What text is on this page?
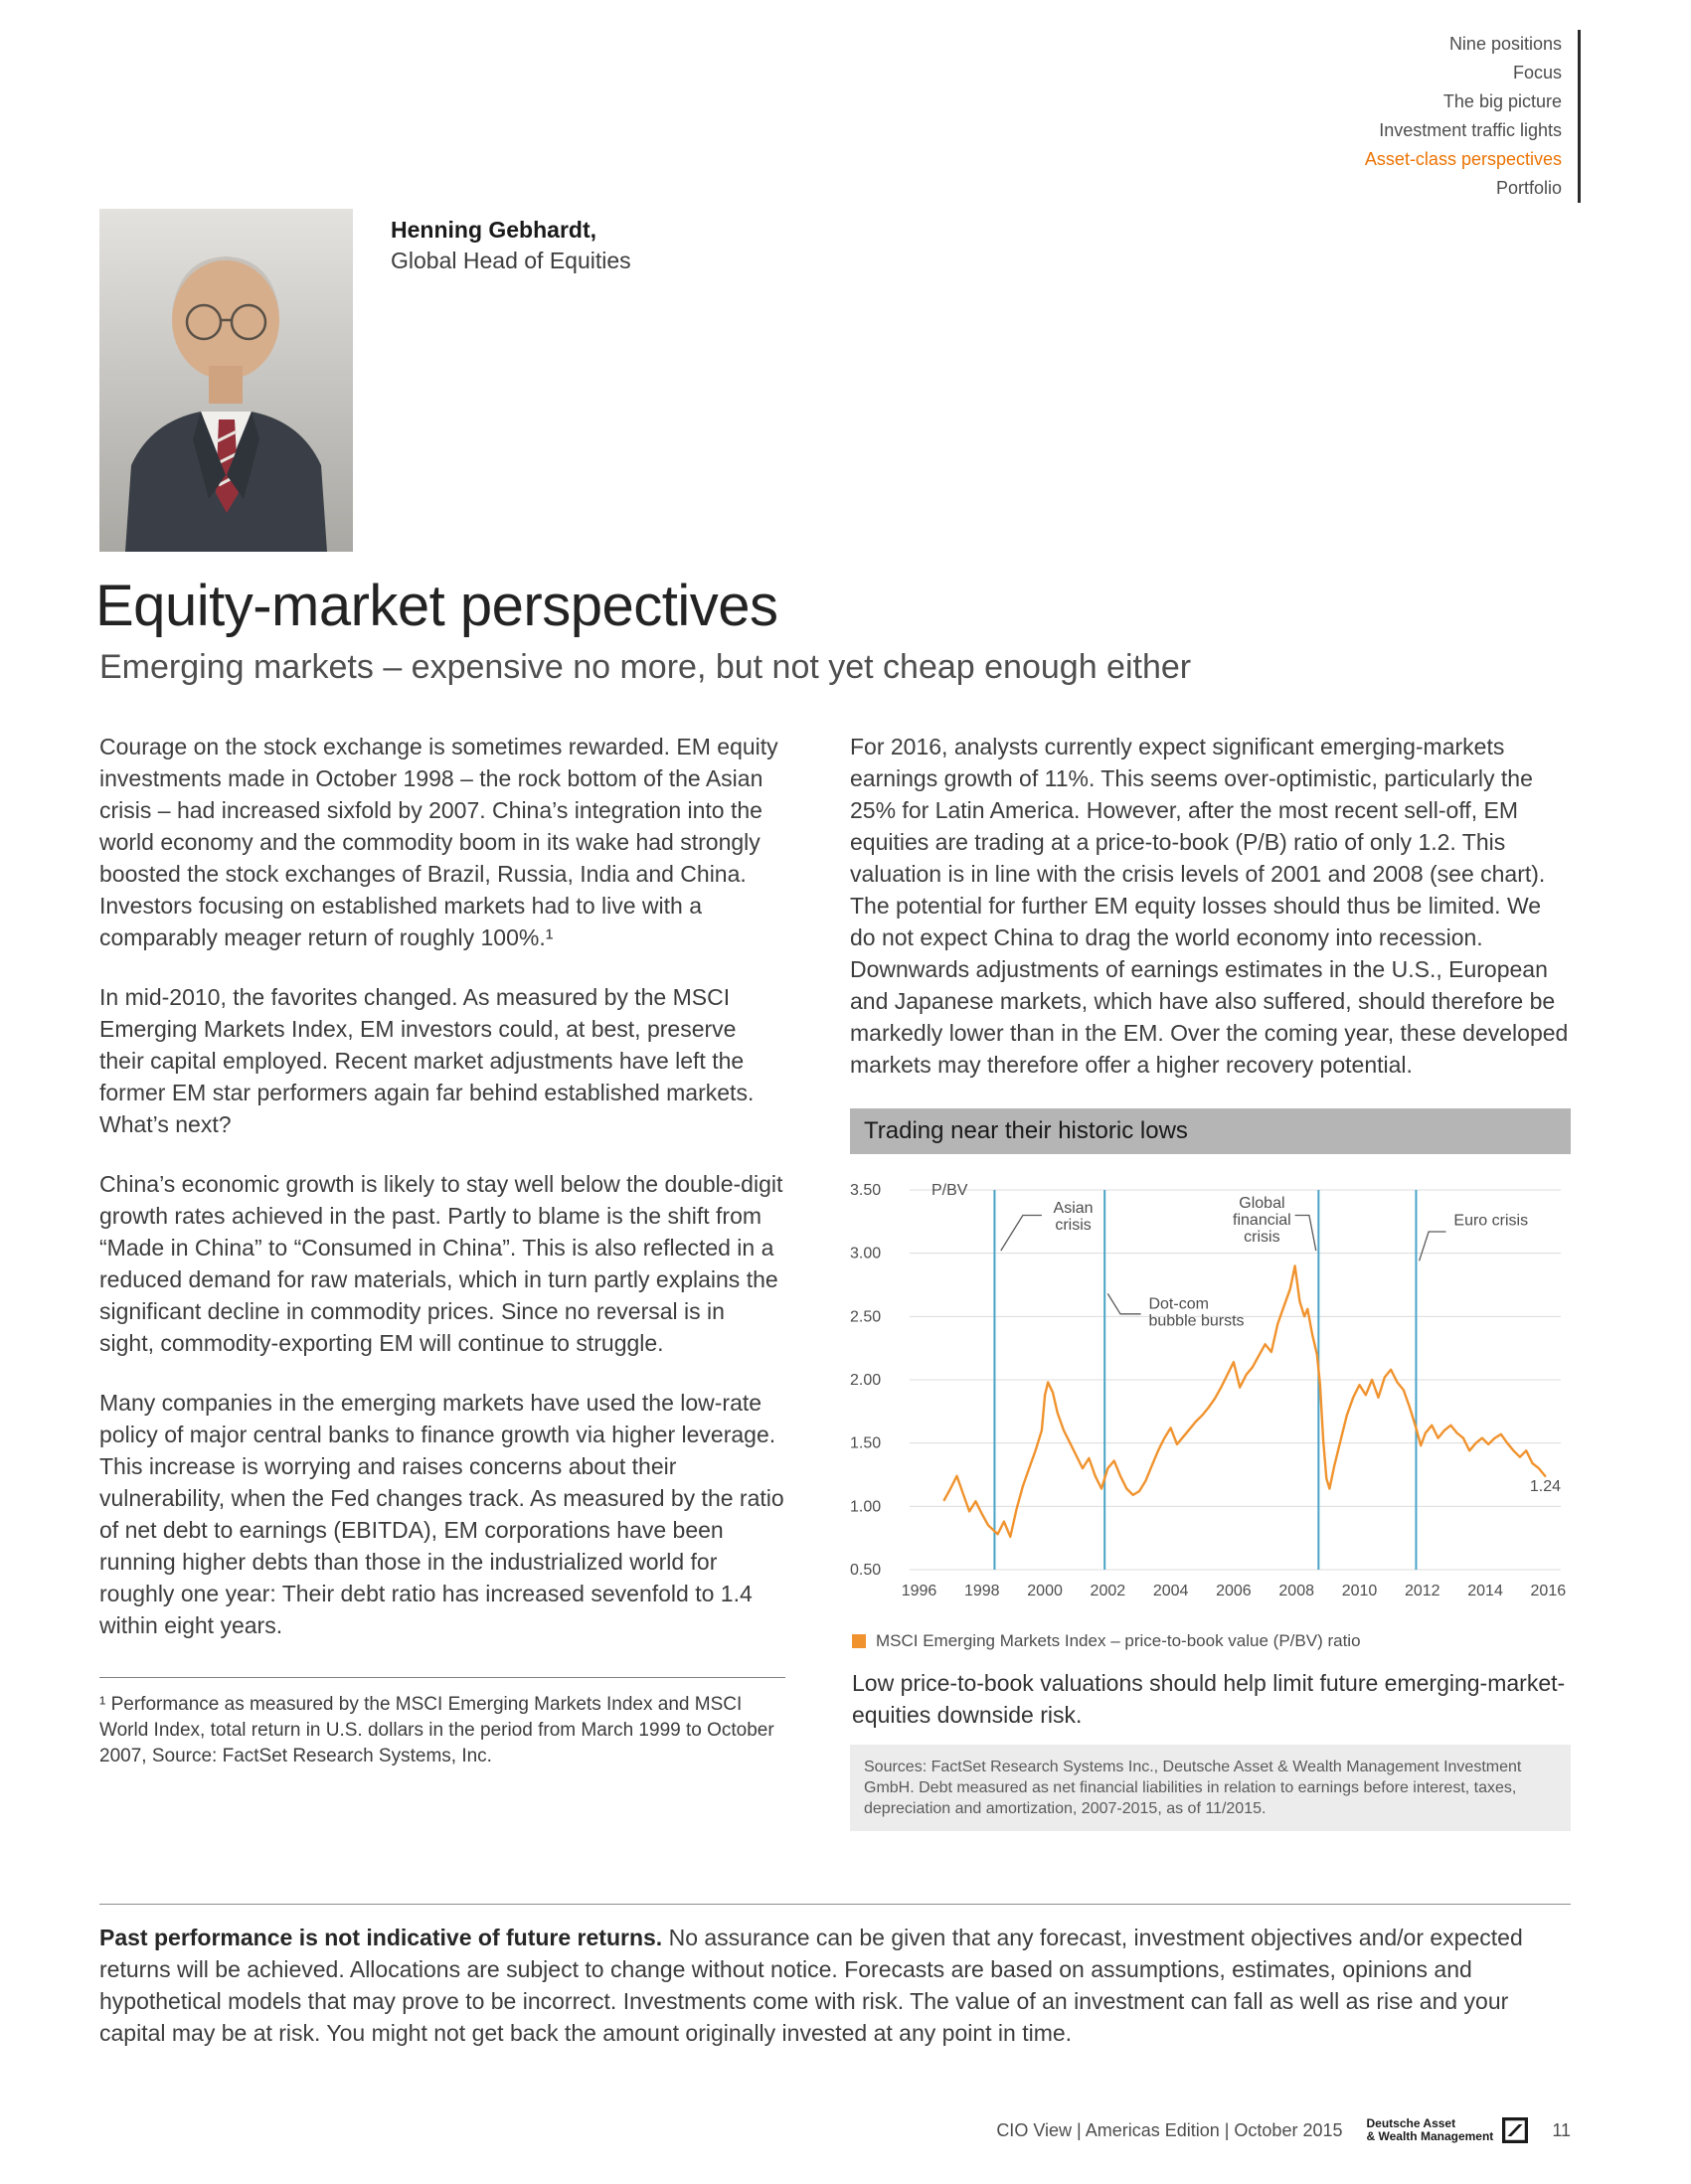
Nine positions
Focus
The big picture
Investment traffic lights
Asset-class perspectives
Portfolio
Henning Gebhardt,
Global Head of Equities
Equity-market perspectives
Emerging markets – expensive no more, but not yet cheap enough either

Courage on the stock exchange is sometimes rewarded. EM equity investments made in October 1998 – the rock bottom of the Asian crisis – had increased sixfold by 2007. China’s integration into the world economy and the commodity boom in its wake had strongly boosted the stock exchanges of Brazil, Russia, India and China. Investors focusing on established markets had to live with a comparably meager return of roughly 100%.¹

In mid-2010, the favorites changed. As measured by the MSCI Emerging Markets Index, EM investors could, at best, preserve their capital employed. Recent market adjustments have left the former EM star performers again far behind established markets. What’s next?

China’s economic growth is likely to stay well below the double-digit growth rates achieved in the past. Partly to blame is the shift from “Made in China” to “Consumed in China”. This is also reflected in a reduced demand for raw materials, which in turn partly explains the significant decline in commodity prices. Since no reversal is in sight, commodity-exporting EM will continue to struggle.

Many companies in the emerging markets have used the low-rate policy of major central banks to finance growth via higher leverage. This increase is worrying and raises concerns about their vulnerability, when the Fed changes track. As measured by the ratio of net debt to earnings (EBITDA), EM corporations have been running higher debts than those in the industrialized world for roughly one year: Their debt ratio has increased sevenfold to 1.4 within eight years.

¹ Performance as measured by the MSCI Emerging Markets Index and MSCI World Index, total return in U.S. dollars in the period from March 1999 to October 2007, Source: FactSet Research Systems, Inc.

For 2016, analysts currently expect significant emerging-markets earnings growth of 11%. This seems over-optimistic, particularly the 25% for Latin America. However, after the most recent sell-off, EM equities are trading at a price-to-book (P/B) ratio of only 1.2. This valuation is in line with the crisis levels of 2001 and 2008 (see chart). The potential for further EM equity losses should thus be limited. We do not expect China to drag the world economy into recession. Downwards adjustments of earnings estimates in the U.S., European and Japanese markets, which have also suffered, should therefore be markedly lower than in the EM. Over the coming year, these developed markets may therefore offer a higher recovery potential.

Trading near their historic lows
3.50
3.00
2.50
2.00
1.50
1.00
0.50
P/BV
1996 1998 2000 2002 2004 2006 2008 2010 2012 2014 2016
Asian crisis
Dot-com bubble bursts
Global financial crisis
Euro crisis
1.24
MSCI Emerging Markets Index – price-to-book value (P/BV) ratio

Low price-to-book valuations should help limit future emerging-market-equities downside risk.

Sources: FactSet Research Systems Inc., Deutsche Asset & Wealth Management Investment GmbH. Debt measured as net financial liabilities in relation to earnings before interest, taxes, depreciation and amortization, 2007-2015, as of 11/2015.

Past performance is not indicative of future returns. No assurance can be given that any forecast, investment objectives and/or expected returns will be achieved. Allocations are subject to change without notice. Forecasts are based on assumptions, estimates, opinions and hypothetical models that may prove to be incorrect. Investments come with risk. The value of an investment can fall as well as rise and your capital may be at risk. You might not get back the amount originally invested at any point in time.

CIO View | Americas Edition | October 2015 Deutsche Asset
& Wealth Management	11
